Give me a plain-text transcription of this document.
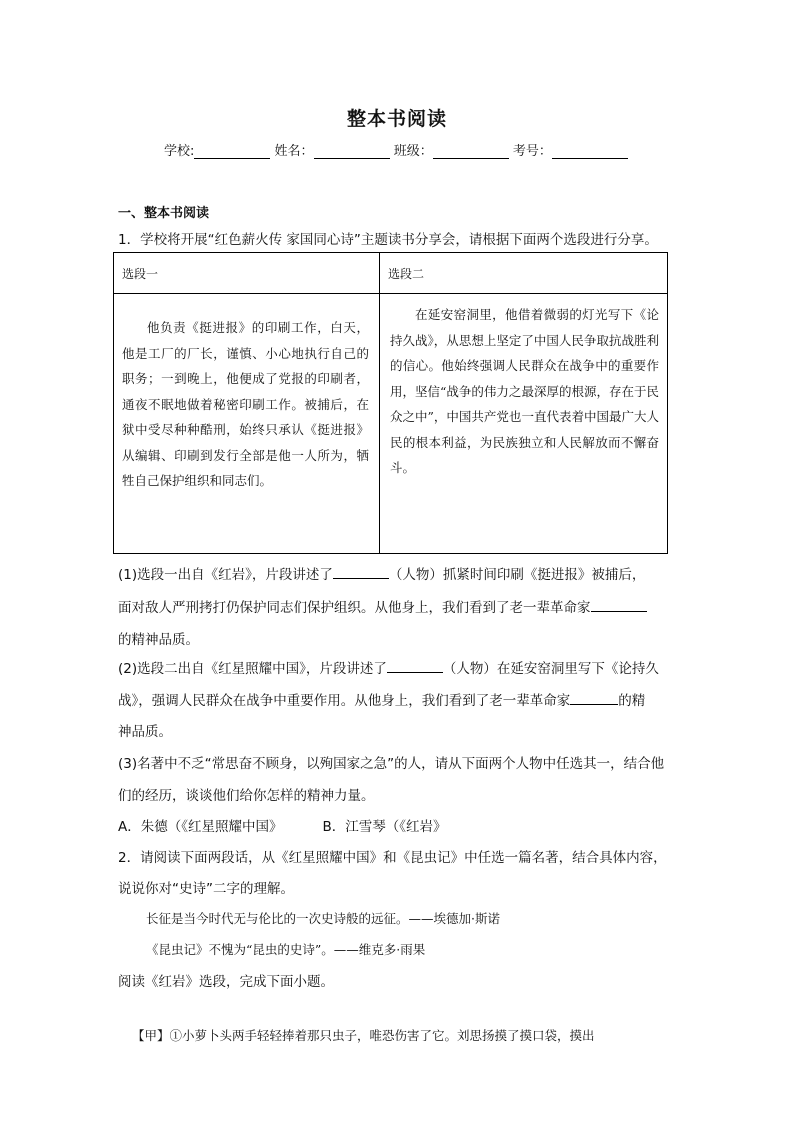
整本书阅读
学校:	姓名：	班级：	考号：
一、整本书阅读
1．学校将开展“红色薪火传 家国同心诗”主题读书分享会，请根据下面两个选段进行分享。
选段一	选段二

他负责《挺进报》的印刷工作，白天，他是工厂的厂长，谨慎、小心地执行自己的职务；一到晚上，他便成了党报的印刷者，通夜不眠地做着秘密印刷工作。被捕后，在狱中受尽种种酷刑，始终只承认《挺进报》从编辑、印刷到发行全部是他一人所为，牺牲自己保护组织和同志们。	在延安窑洞里，他借着微弱的灯光写下《论持久战》，从思想上坚定了中国人民争取抗战胜利的信心。他始终强调人民群众在战争中的重要作用，坚信“战争的伟力之最深厚的根源，存在于民众之中”，中国共产党也一直代表着中国最广大人民的根本利益，为民族独立和人民解放而不懈奋斗。
(1)选段一出自《红岩》，片段讲述了	（人物）抓紧时间印刷《挺进报》被捕后，
面对敌人严刑拷打仍保护同志们保护组织。从他身上，我们看到了老一辈革命家
的精神品质。
(2)选段二出自《红星照耀中国》，片段讲述了	（人物）在延安窑洞里写下《论持久
战》，强调人民群众在战争中重要作用。从他身上，我们看到了老一辈革命家	的精
神品质。
(3)名著中不乏“常思奋不顾身，以殉国家之急”的人，请从下面两个人物中任选其一，结合他
们的经历，谈谈他们给你怎样的精神力量。
A．朱德（《红星照耀中国》	B．江雪琴（《红岩》
2．请阅读下面两段话，从《红星照耀中国》和《昆虫记》中任选一篇名著，结合具体内容，
说说你对“史诗”二字的理解。
长征是当今时代无与伦比的一次史诗般的远征。——埃德加·斯诺
《昆虫记》不愧为“昆虫的史诗”。——维克多·雨果
阅读《红岩》选段，完成下面小题。
【甲】①小萝卜头两手轻轻捧着那只虫子，唯恐伤害了它。刘思扬摸了摸口袋，摸出
